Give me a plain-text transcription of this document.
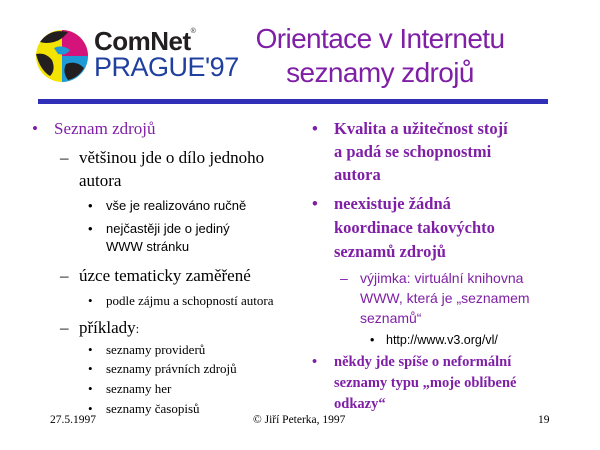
ComNet®
PRAGUE'97
Orientace v Internetu
seznamy zdrojů
• Seznam zdrojů
– většinou jde o dílo jednoho
autora
• vše je realizováno ručně
• nejčastěji jde o jediný
WWW stránku
– úzce tematicky zaměřené
• podle zájmu a schopností autora
– příklady:
• seznamy providerů
• seznamy právních zdrojů
• seznamy her
• seznamy časopisů
• Kvalita a užitečnost stojí
a padá se schopnostmi
autora
• neexistuje žádná
koordinace takovýchto
seznamů zdrojů
– výjimka: virtuální knihovna
WWW, která je „seznamem
seznamů“
• http://www.v3.org/vl/
• někdy jde spíše o neformální
seznamy typu „moje oblíbené
odkazy“
27.5.1997	© Jiří Peterka, 1997	19
